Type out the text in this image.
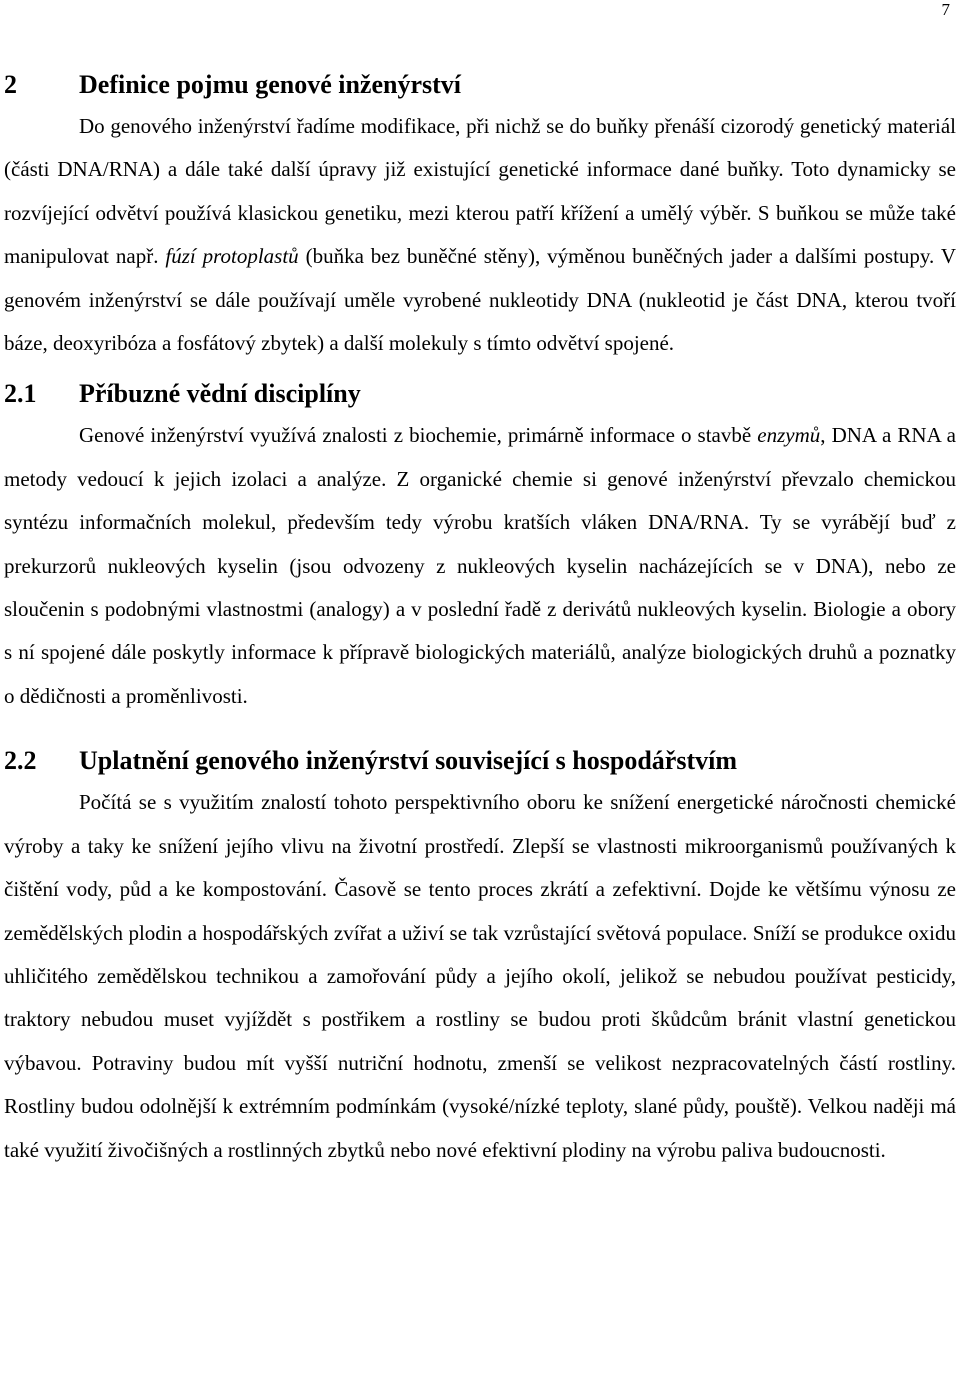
7
2 Definice pojmu genové inženýrství

Do genového inženýrství řadíme modifikace, při nichž se do buňky přenáší cizorodý genetický materiál (části DNA/RNA) a dále také další úpravy již existující genetické informace dané buňky. Toto dynamicky se rozvíjející odvětví používá klasickou genetiku, mezi kterou patří křížení a umělý výběr. S buňkou se může také manipulovat např. fúzí protoplastů (buňka bez buněčné stěny), výměnou buněčných jader a dalšími postupy. V genovém inženýrství se dále používají uměle vyrobené nukleotidy DNA (nukleotid je část DNA, kterou tvoří báze, deoxyribóza a fosfátový zbytek) a další molekuly s tímto odvětví spojené.

2.1 Příbuzné vědní disciplíny

Genové inženýrství využívá znalosti z biochemie, primárně informace o stavbě enzymů, DNA a RNA a metody vedoucí k jejich izolaci a analýze. Z organické chemie si genové inženýrství převzalo chemickou syntézu informačních molekul, především tedy výrobu kratších vláken DNA/RNA. Ty se vyrábějí buď z prekurzorů nukleových kyselin (jsou odvozeny z nukleových kyselin nacházejících se v DNA), nebo ze sloučenin s podobnými vlastnostmi (analogy) a v poslední řadě z derivátů nukleových kyselin. Biologie a obory s ní spojené dále poskytly informace k přípravě biologických materiálů, analýze biologických druhů a poznatky o dědičnosti a proměnlivosti.

2.2 Uplatnění genového inženýrství související s hospodářstvím

Počítá se s využitím znalostí tohoto perspektivního oboru ke snížení energetické náročnosti chemické výroby a taky ke snížení jejího vlivu na životní prostředí. Zlepší se vlastnosti mikroorganismů používaných k čištění vody, půd a ke kompostování. Časově se tento proces zkrátí a zefektivní. Dojde ke většímu výnosu ze zemědělských plodin a hospodářských zvířat a uživí se tak vzrůstající světová populace. Sníží se produkce oxidu uhličitého zemědělskou technikou a zamořování půdy a jejího okolí, jelikož se nebudou používat pesticidy, traktory nebudou muset vyjíždět s postřikem a rostliny se budou proti škůdcům bránit vlastní genetickou výbavou. Potraviny budou mít vyšší nutriční hodnotu, zmenší se velikost nezpracovatelných částí rostliny. Rostliny budou odolnější k extrémním podmínkám (vysoké/nízké teploty, slané půdy, pouště). Velkou naději má také využití živočišných a rostlinných zbytků nebo nové efektivní plodiny na výrobu paliva budoucnosti.
